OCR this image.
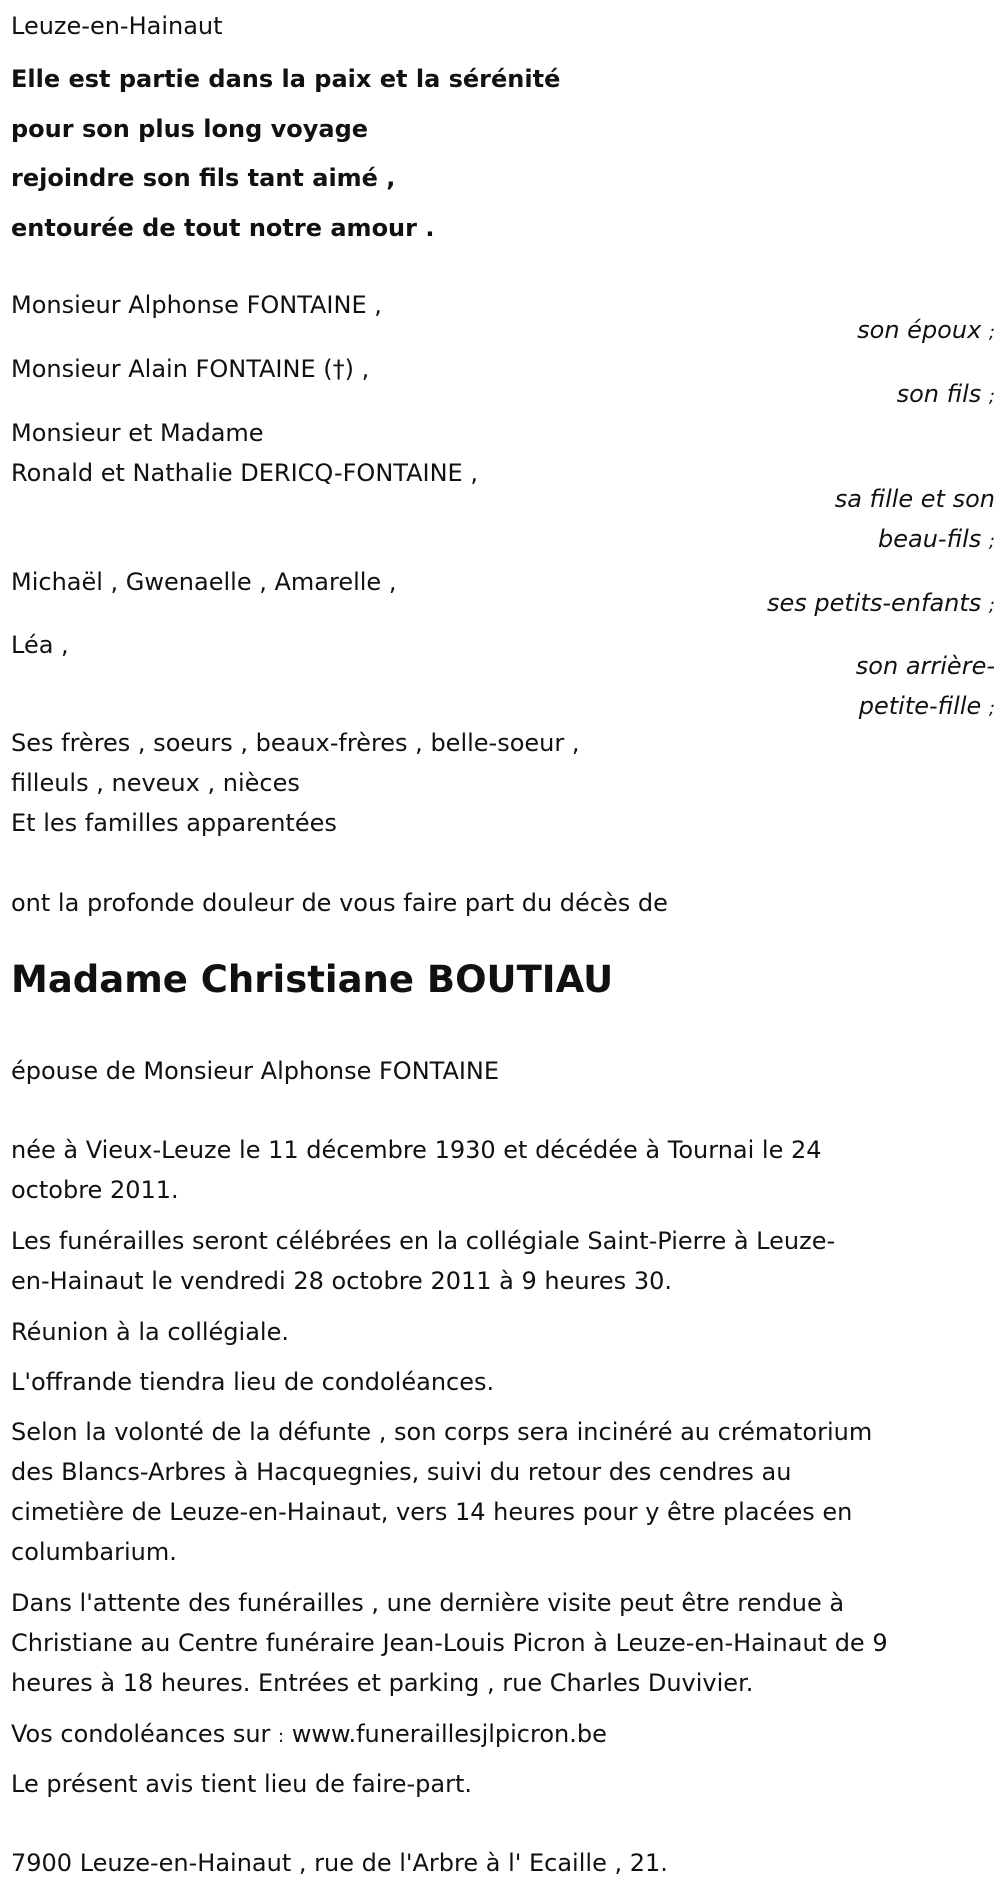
Leuze-en-Hainaut
Elle est partie dans la paix et la sérénité
pour son plus long voyage
rejoindre son fils tant aimé ,
entourée de tout notre amour .
Monsieur Alphonse FONTAINE ,
son époux ;
Monsieur Alain FONTAINE (†) ,
son fils ;
Monsieur et Madame
Ronald et Nathalie DERICQ-FONTAINE ,
sa fille et son
beau-fils ;
Michaël , Gwenaelle , Amarelle ,
ses petits-enfants ;
Léa ,
son arrière-
petite-fille ;
Ses frères , soeurs , beaux-frères , belle-soeur ,
filleuls , neveux , nièces
Et les familles apparentées
ont la profonde douleur de vous faire part du décès de
Madame Christiane BOUTIAU
épouse de Monsieur Alphonse FONTAINE
née à Vieux-Leuze le 11 décembre 1930 et décédée à Tournai le 24
octobre 2011.
Les funérailles seront célébrées en la collégiale Saint-Pierre à Leuze-
en-Hainaut le vendredi 28 octobre 2011 à 9 heures 30.
Réunion à la collégiale.
L'offrande tiendra lieu de condoléances.
Selon la volonté de la défunte , son corps sera incinéré au crématorium
des Blancs-Arbres à Hacquegnies, suivi du retour des cendres au
cimetière de Leuze-en-Hainaut, vers 14 heures pour y être placées en
columbarium.
Dans l'attente des funérailles , une dernière visite peut être rendue à
Christiane au Centre funéraire Jean-Louis Picron à Leuze-en-Hainaut de 9
heures à 18 heures. Entrées et parking , rue Charles Duvivier.
Vos condoléances sur : www.funeraillesjlpicron.be
Le présent avis tient lieu de faire-part.
7900 Leuze-en-Hainaut , rue de l'Arbre à l' Ecaille , 21.
